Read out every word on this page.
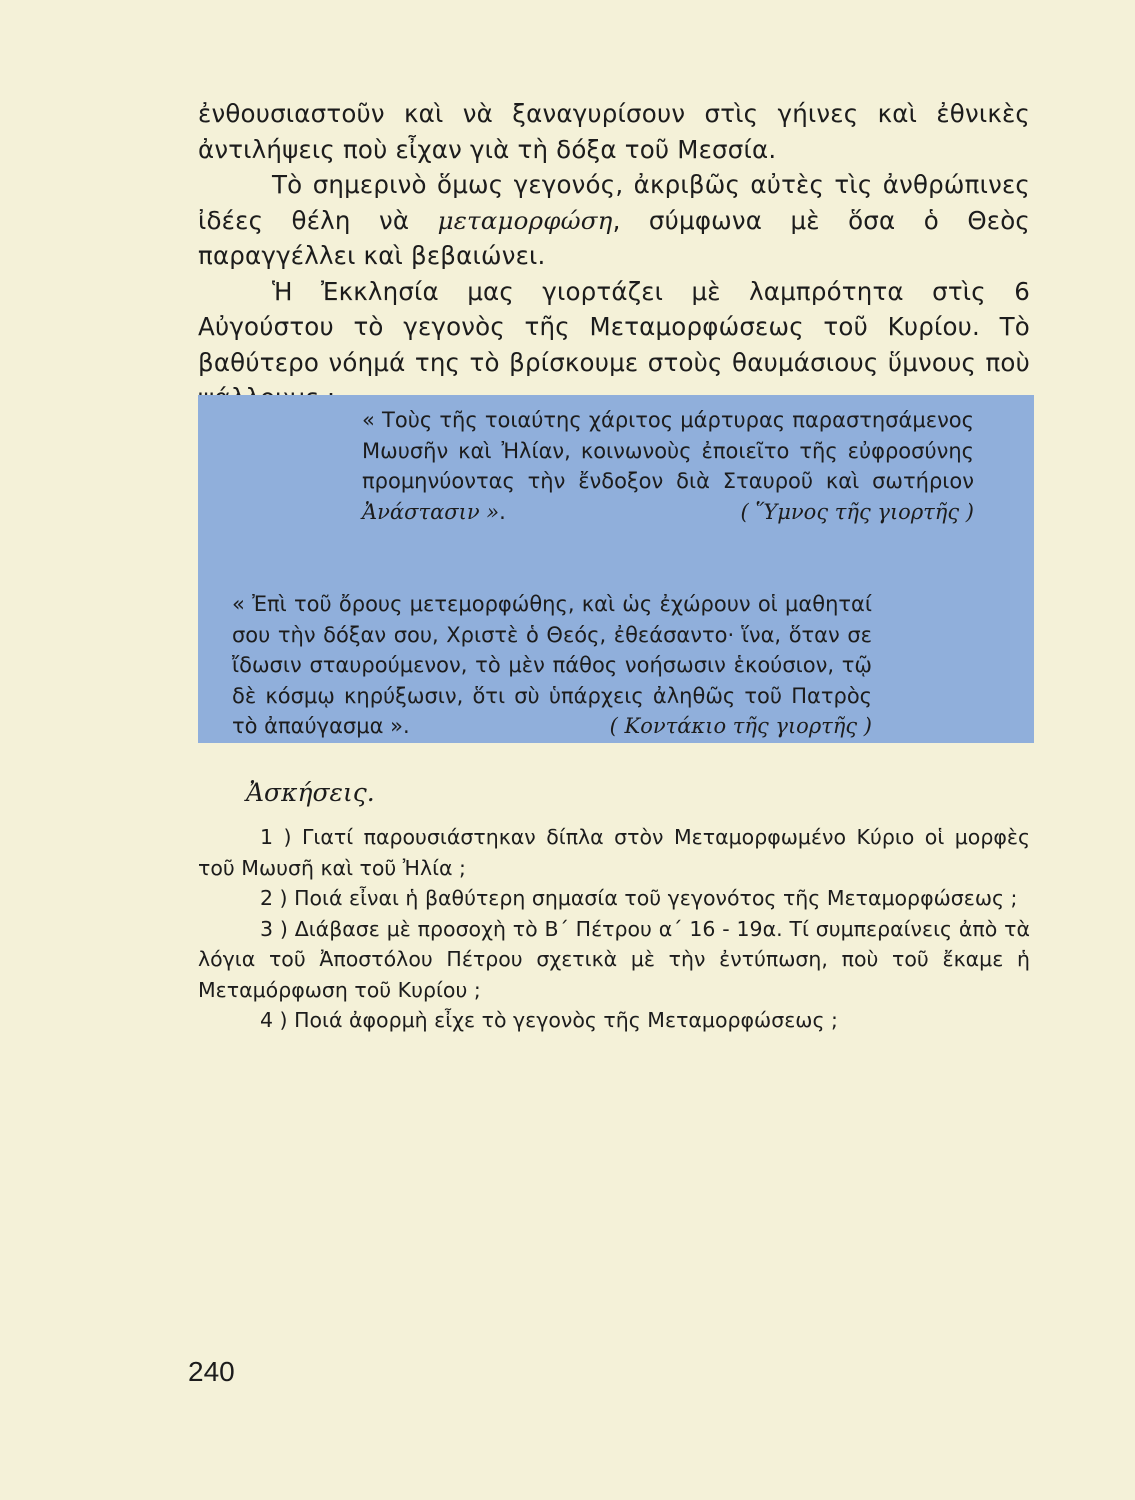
ἐνθουσιαστοῦν καὶ νὰ ξαναγυρίσουν στὶς γήινες καὶ ἐθνικὲς ἀντιλήψεις ποὺ εἶχαν γιὰ τὴ δόξα τοῦ Μεσσία.

Τὸ σημερινὸ ὅμως γεγονός, ἀκριβῶς αὐτὲς τὶς ἀνθρώπινες ἰδέες θέλη νὰ μεταμορφώση, σύμφωνα μὲ ὅσα ὁ Θεὸς παραγγέλλει καὶ βεβαιώνει.

Ἡ Ἐκκλησία μας γιορτάζει μὲ λαμπρότητα στὶς 6 Αὐγούστου τὸ γεγονὸς τῆς Μεταμορφώσεως τοῦ Κυρίου. Τὸ βαθύτερο νόημά της τὸ βρίσκουμε στοὺς θαυμάσιους ὕμνους ποὺ

« Τοὺς τῆς τοιαύτης χάριτος μάρτυρας παραστησάμενος Μωυσῆν καὶ Ἠλίαν, κοινωνοὺς ἐποιεῖτο τῆς εὐφροσύνης προμηνύοντας τὴν ἔνδοξον διὰ Σταυροῦ καὶ σωτήριον Ἀνάστασιν ».	( Ὕμνος τῆς γιορτῆς )
« Ἐπὶ τοῦ ὄρους μετεμορφώθης, καὶ ὡς ἐχώρουν οἱ μαθηταί σου τὴν δόξαν σου, Χριστὲ ὁ Θεός, ἐθεάσαντο· ἵνα, ὅταν σε ἴδωσιν σταυρούμενον, τὸ μὲν πάθος νοήσωσιν ἑκούσιον, τῷ δὲ κόσμῳ κηρύξωσιν, ὅτι σὺ ὑπάρχεις ἀληθῶς τοῦ Πατρὸς τὸ ἀπαύγασμα ».	( Κοντάκιο τῆς γιορτῆς )
Ἀσκήσεις.

1 ) Γιατί παρουσιάστηκαν δίπλα στὸν Μεταμορφωμένο Κύριο οἱ μορφὲς τοῦ Μωυσῆ καὶ τοῦ Ἠλία ;

2 ) Ποιά εἶναι ἡ βαθύτερη σημασία τοῦ γεγονότος τῆς Μεταμορφώσεως ;

3 ) Διάβασε μὲ προσοχὴ τὸ Β΄ Πέτρου α΄ 16 - 19α. Τί συμπεραίνεις ἀπὸ τὰ λόγια τοῦ Ἀποστόλου Πέτρου σχετικὰ μὲ τὴν ἐντύπωση, ποὺ τοῦ ἔκαμε ἡ Μεταμόρφωση τοῦ Κυρίου ;

4 ) Ποιά ἀφορμὴ εἶχε τὸ γεγονὸς τῆς Μεταμορφώσεως ;

240
